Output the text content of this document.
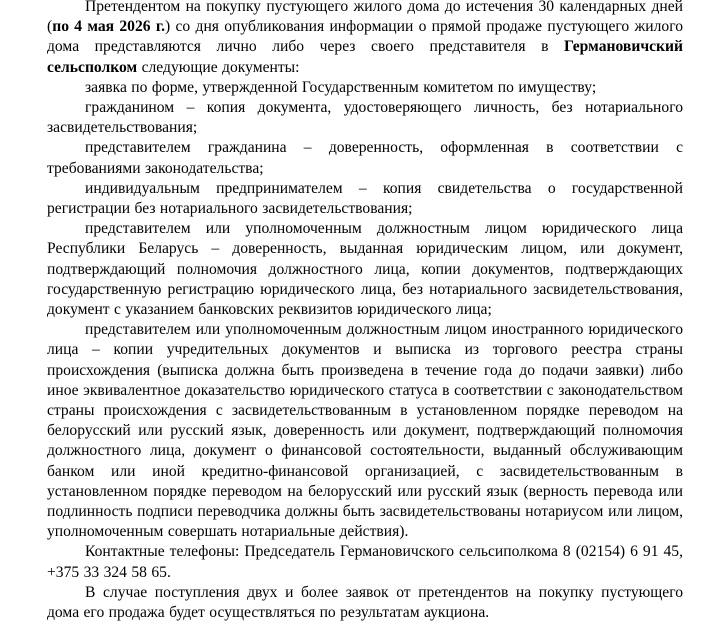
Претендентом на покупку пустующего жилого дома до истечения 30 календарных дней (по 4 мая 2026 г.) со дня опубликования информации о прямой продаже пустующего жилого дома представляются лично либо через своего представителя в Гермaновичский сельсполком следующие документы:

заявка по форме, утвержденной Государственным комитетом по имуществу;

гражданином – копия документа, удостоверяющего личность, без нотариального засвидетельствования;

представителем гражданина – доверенность, оформленная в соответствии с требованиями законодательства;

индивидуальным предпринимателем – копия свидетельства о государственной регистрации без нотариального засвидетельствования;

представителем или уполномоченным должностным лицом юридического лица Республики Беларусь – доверенность, выданная юридическим лицом, или документ, подтверждающий полномочия должностного лица, копии документов, подтверждающих государственную регистрацию юридического лица, без нотариального засвидетельствования, документ с указанием банковских реквизитов юридического лица;

представителем или уполномоченным должностным лицом иностранного юридического лица – копии учредительных документов и выписка из торгового реестра страны происхождения (выписка должна быть произведена в течение года до подачи заявки) либо иное эквивалентное доказательство юридического статуса в соответствии с законодательством страны происхождения с засвидетельствованным в установленном порядке переводом на белорусский или русский язык, доверенность или документ, подтверждающий полномочия должностного лица, документ о финансовой состоятельности, выданный обслуживающим банком или иной кредитно-финансовой организацией, с засвидетельствованным в установленном порядке переводом на белорусский или русский язык (верность перевода или подлинность подписи переводчика должны быть засвидетельствованы нотариусом или лицом, уполномоченным совершать нотариальные действия).

Контактные телефоны: Председатель Гермaновичского сельсиполкома 8 (02154) 6 91 45, +375 33 324 58 65.

В случае поступления двух и более заявок от претендентов на покупку пустующего дома его продажа будет осуществляться по результатам аукциона.
